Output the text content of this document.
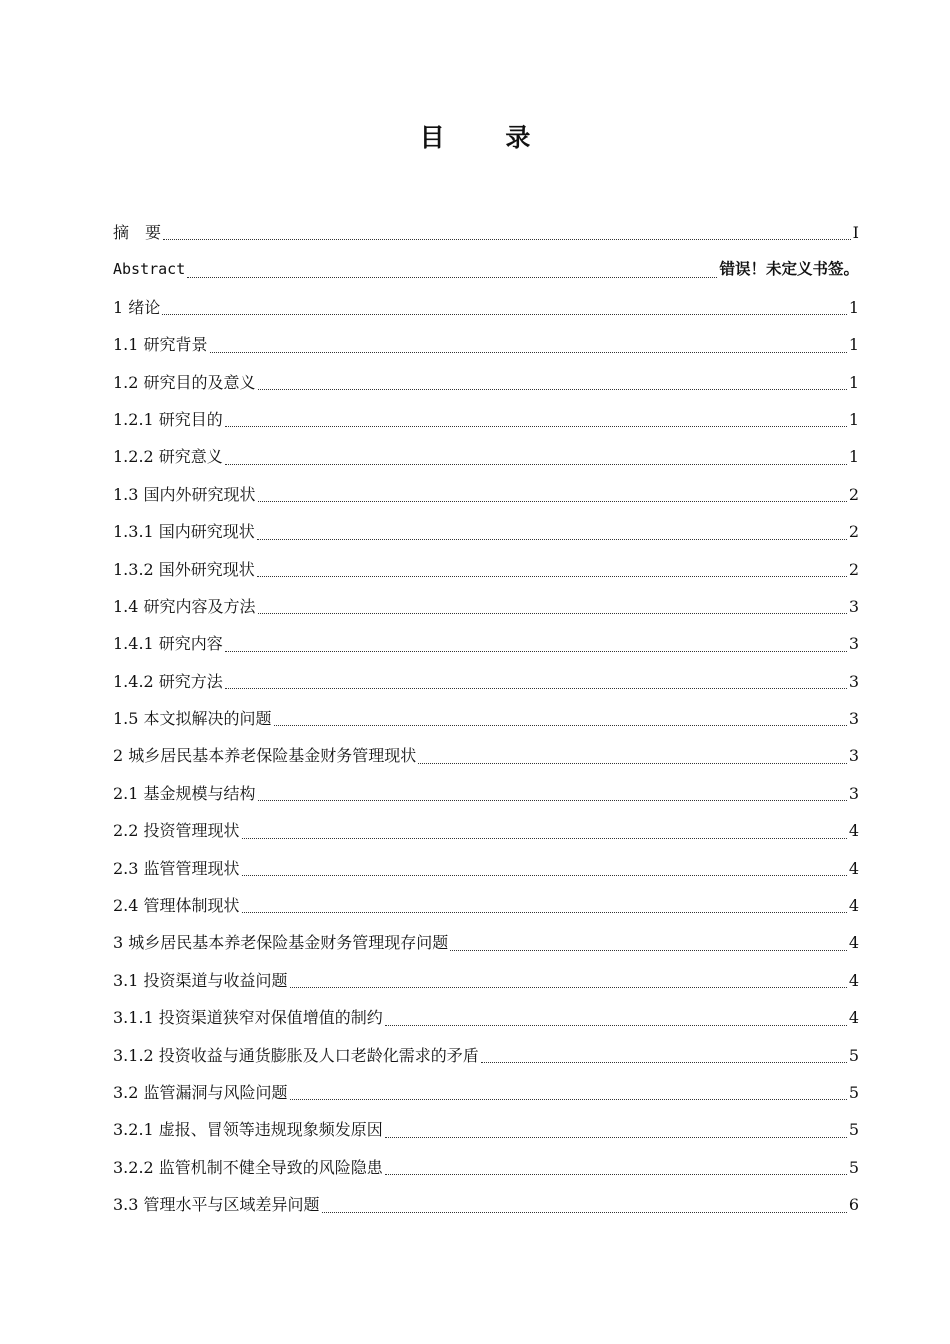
目 录
摘　要	I
Abstract	错误！未定义书签。
1 绪论	1
1.1 研究背景	1
1.2 研究目的及意义	1
1.2.1 研究目的	1
1.2.2 研究意义	1
1.3 国内外研究现状	2
1.3.1 国内研究现状	2
1.3.2 国外研究现状	2
1.4 研究内容及方法	3
1.4.1 研究内容	3
1.4.2 研究方法	3
1.5 本文拟解决的问题	3
2 城乡居民基本养老保险基金财务管理现状	3
2.1 基金规模与结构	3
2.2 投资管理现状	4
2.3 监管管理现状	4
2.4 管理体制现状	4
3 城乡居民基本养老保险基金财务管理现存问题	4
3.1 投资渠道与收益问题	4
3.1.1 投资渠道狭窄对保值增值的制约	4
3.1.2 投资收益与通货膨胀及人口老龄化需求的矛盾	5
3.2 监管漏洞与风险问题	5
3.2.1 虚报、冒领等违规现象频发原因	5
3.2.2 监管机制不健全导致的风险隐患	5
3.3 管理水平与区域差异问题	6
